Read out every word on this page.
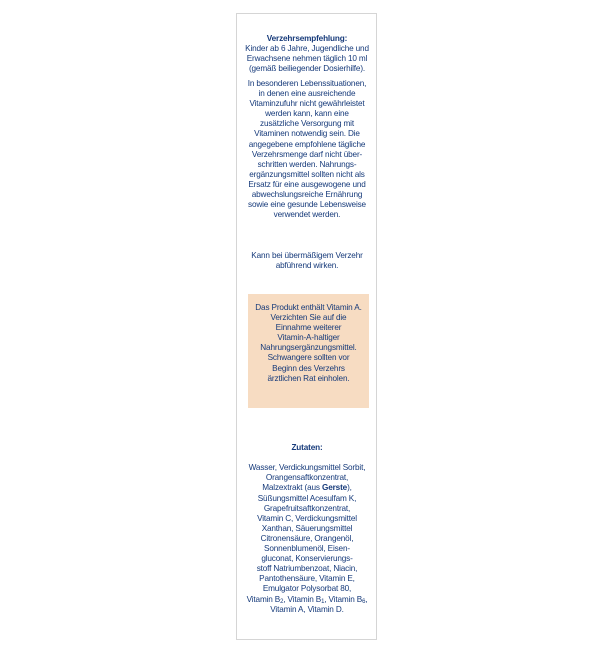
Verzehrsempfehlung:

Kinder ab 6 Jahre, Jugendliche und
Erwachsene nehmen täglich 10 ml
(gemäß beiliegender Dosierhilfe).

In besonderen Lebenssituationen,
in denen eine ausreichende
Vitaminzufuhr nicht gewährleistet
werden kann, kann eine
zusätzliche Versorgung mit
Vitaminen notwendig sein. Die
angegebene empfohlene tägliche
Verzehrsmenge darf nicht über-
schritten werden. Nahrungs-
ergänzungsmittel sollten nicht als
Ersatz für eine ausgewogene und
abwechslungsreiche Ernährung
sowie eine gesunde Lebensweise
verwendet werden.
Kann bei übermäßigem Verzehr
abführend wirken.
Das Produkt enthält Vitamin A.
Verzichten Sie auf die
Einnahme weiterer
Vitamin-A-haltiger
Nahrungsergänzungsmittel.
Schwangere sollten vor
Beginn des Verzehrs
ärztlichen Rat einholen.

Zutaten:

Wasser, Verdickungsmittel Sorbit,
Orangensaftkonzentrat,
Malzextrakt (aus Gerste),
Süßungsmittel Acesulfam K,
Grapefruitsaftkonzentrat,
Vitamin C, Verdickungsmittel
Xanthan, Säuerungsmittel
Citronensäure, Orangenöl,
Sonnenblumenöl, Eisen-
gluconat, Konservierungs-
stoff Natriumbenzoat, Niacin,
Pantothensäure, Vitamin E,
Emulgator Polysorbat 80,
Vitamin $B_2$, Vitamin $B_1$, Vitamin $B_6$,
Vitamin A, Vitamin D.
